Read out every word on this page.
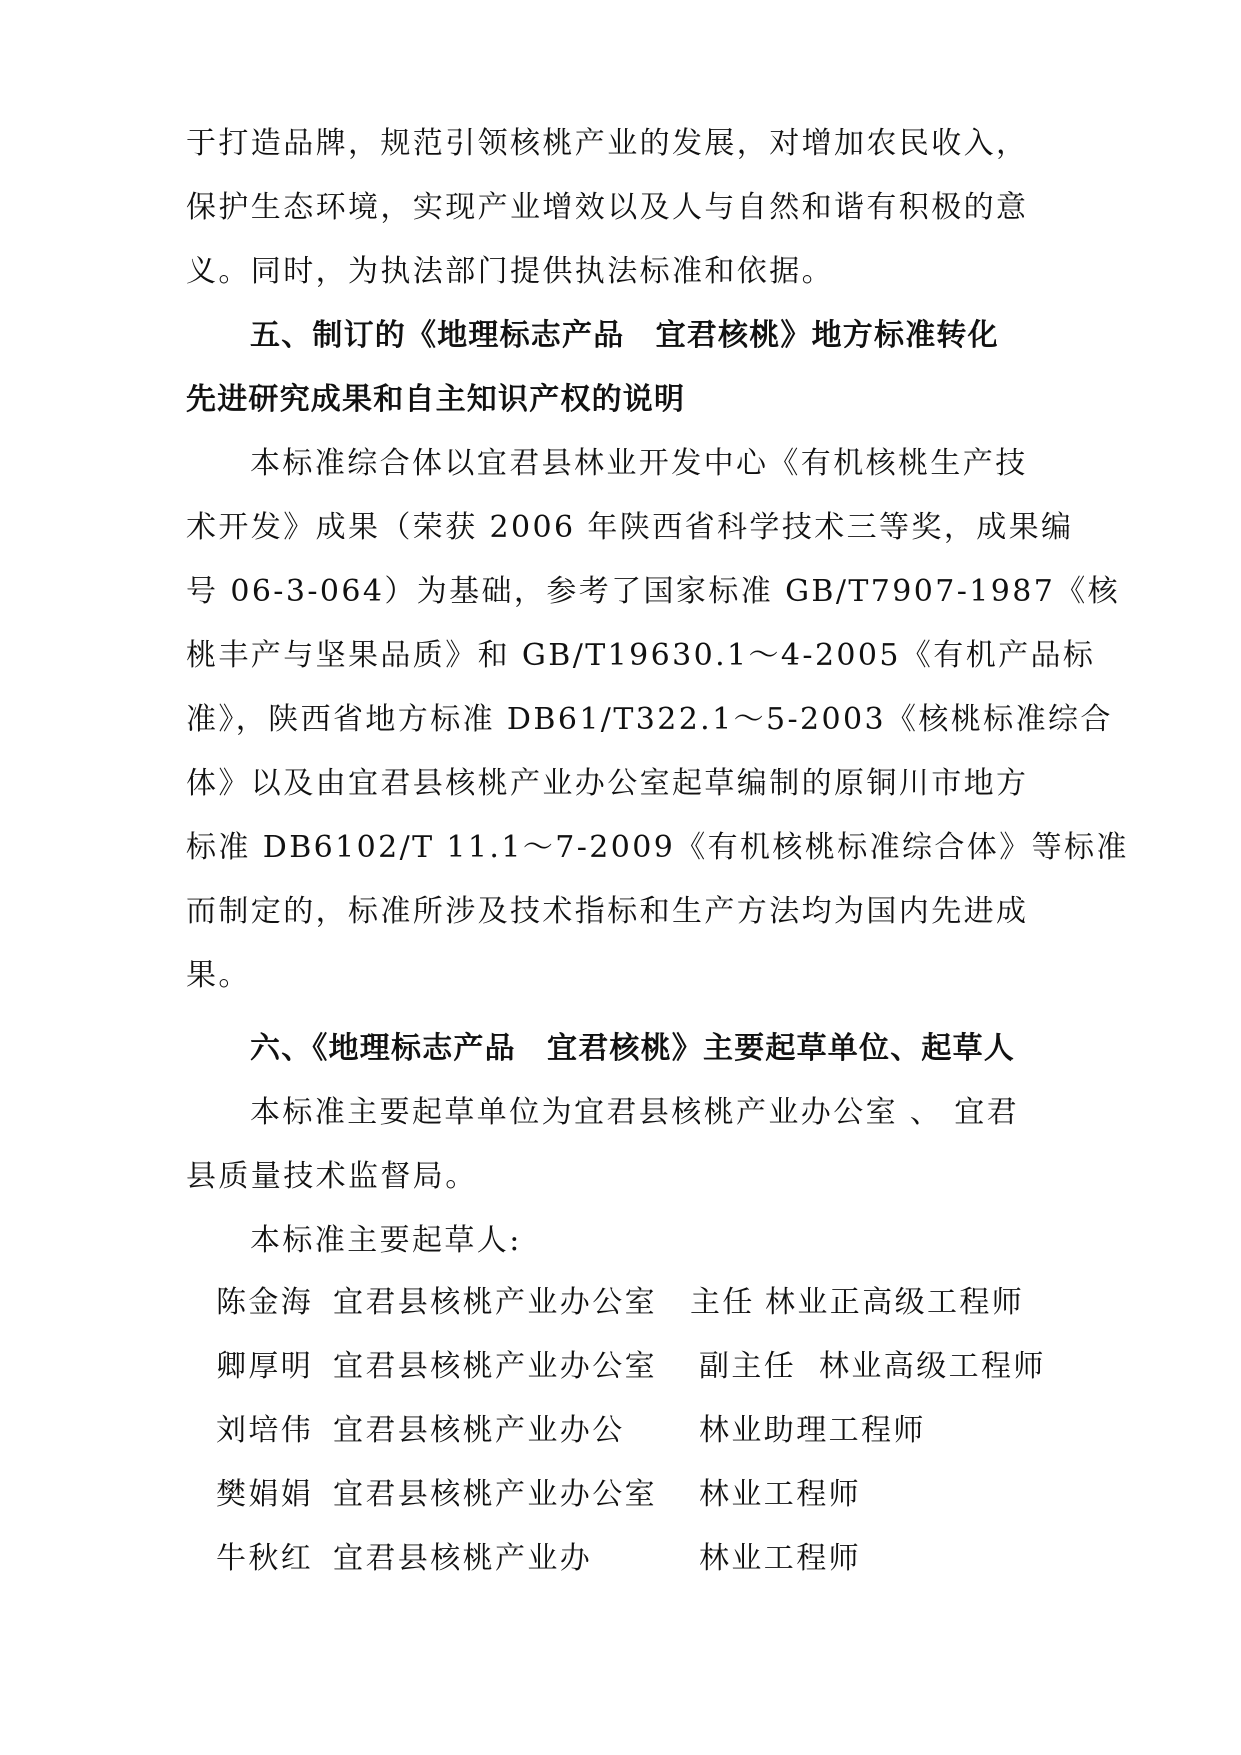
于打造品牌，规范引领核桃产业的发展，对增加农民收入，
保护生态环境，实现产业增效以及人与自然和谐有积极的意
义。同时，为执法部门提供执法标准和依据。
五、制订的《地理标志产品　宜君核桃》地方标准转化
先进研究成果和自主知识产权的说明
本标准综合体以宜君县林业开发中心《有机核桃生产技
术开发》成果（荣获 2006 年陕西省科学技术三等奖，成果编
号 06-3-064）为基础，参考了国家标准 GB/T7907-1987《核
桃丰产与坚果品质》和 GB/T19630.1～4-2005《有机产品标
准》，陕西省地方标准 DB61/T322.1～5-2003《核桃标准综合
体》以及由宜君县核桃产业办公室起草编制的原铜川市地方
标准 DB6102/T 11.1～7-2009《有机核桃标准综合体》等标准
而制定的，标准所涉及技术指标和生产方法均为国内先进成
果。
六、《地理标志产品　宜君核桃》主要起草单位、起草人
本标准主要起草单位为宜君县核桃产业办公室 、 宜君
县质量技术监督局。
本标准主要起草人:
陈金海 宜君县核桃产业办公室 主任 林业正高级工程师
卿厚明 宜君县核桃产业办公室 副主任 林业高级工程师
刘培伟 宜君县核桃产业办公 林业助理工程师
樊娟娟 宜君县核桃产业办公室 林业工程师
牛秋红 宜君县核桃产业办	林业工程师
